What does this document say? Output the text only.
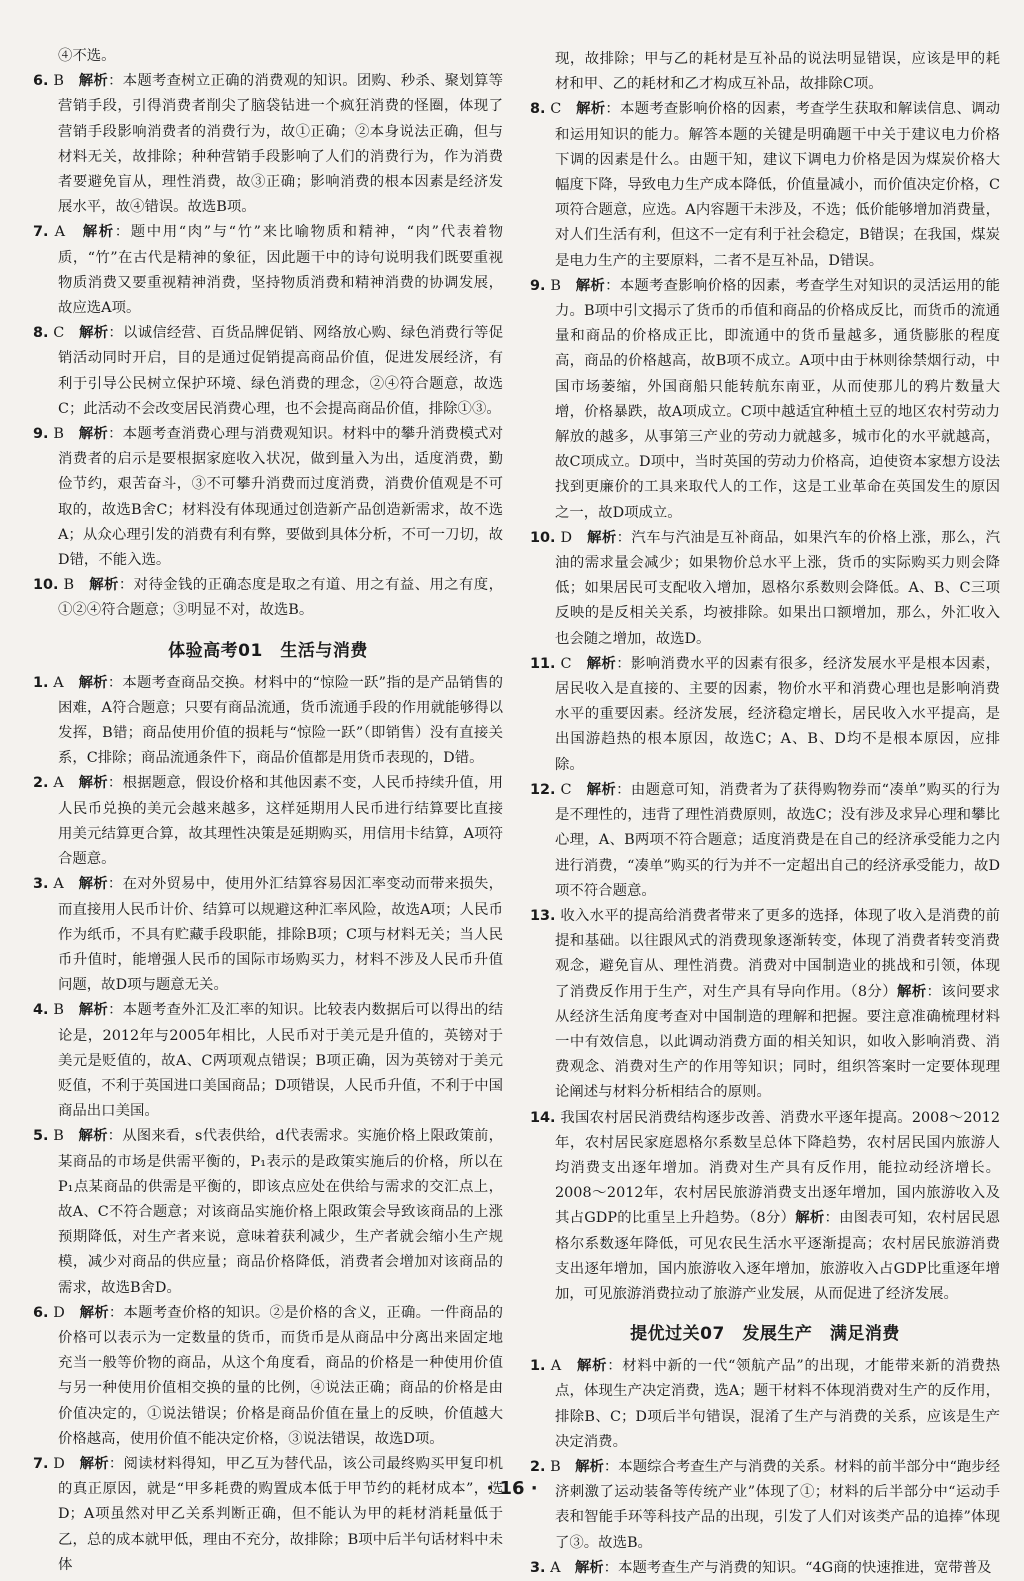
④不选。

6. B　 解析：本题考查树立正确的消费观的知识。团购、秒杀、聚划算等营销手段，引得消费者削尖了脑袋钻进一个疯狂消费的怪圈，体现了营销手段影响消费者的消费行为，故①正确；②本身说法正确，但与材料无关，故排除；种种营销手段影响了人们的消费行为，作为消费者要避免盲从，理性消费，故③正确；影响消费的根本因素是经济发展水平，故④错误。故选B项。

7. A　 解析：题中用“肉”与“竹”来比喻物质和精神，“肉”代表着物质，“竹”在古代是精神的象征，因此题干中的诗句说明我们既要重视物质消费又要重视精神消费，坚持物质消费和精神消费的协调发展，故应选A项。

8. C　 解析：以诚信经营、百货品牌促销、网络放心购、绿色消费行等促销活动同时开启，目的是通过促销提高商品价值，促进发展经济，有利于引导公民树立保护环境、绿色消费的理念，②④符合题意，故选C；此活动不会改变居民消费心理，也不会提高商品价值，排除①③。

9. B　 解析：本题考查消费心理与消费观知识。材料中的攀升消费模式对消费者的启示是要根据家庭收入状况，做到量入为出，适度消费，勤俭节约，艰苦奋斗，③不可攀升消费而过度消费，消费价值观是不可取的，故选B舍C；材料没有体现通过创造新产品创造新需求，故不选A；从众心理引发的消费有利有弊，要做到具体分析，不可一刀切，故D错，不能入选。

10. B　 解析：对待金钱的正确态度是取之有道、用之有益、用之有度，①②④符合题意；③明显不对，故选B。

体验高考01　生活与消费

1. A　 解析：本题考查商品交换。材料中的“惊险一跃”指的是产品销售的困难，A符合题意；只要有商品流通，货币流通手段的作用就能够得以发挥，B错；商品使用价值的损耗与“惊险一跃”（即销售）没有直接关系，C排除；商品流通条件下，商品价值都是用货币表现的，D错。

2. A　 解析：根据题意，假设价格和其他因素不变，人民币持续升值，用人民币兑换的美元会越来越多，这样延期用人民币进行结算要比直接用美元结算更合算，故其理性决策是延期购买，用信用卡结算，A项符合题意。

3. A　 解析：在对外贸易中，使用外汇结算容易因汇率变动而带来损失，而直接用人民币计价、结算可以规避这种汇率风险，故选A项；人民币作为纸币，不具有贮藏手段职能，排除B项；C项与材料无关；当人民币升值时，能增强人民币的国际市场购买力，材料不涉及人民币升值问题，故D项与题意无关。

4. B　 解析：本题考查外汇及汇率的知识。比较表内数据后可以得出的结论是，2012年与2005年相比，人民币对于美元是升值的，英镑对于美元是贬值的，故A、C两项观点错误；B项正确，因为英镑对于美元贬值，不利于英国进口美国商品；D项错误，人民币升值，不利于中国商品出口美国。

5. B　 解析：从图来看，s代表供给，d代表需求。实施价格上限政策前，某商品的市场是供需平衡的，P₁表示的是政策实施后的价格，所以在P₁点某商品的供需是平衡的，即该点应处在供给与需求的交汇点上，故A、C不符合题意；对该商品实施价格上限政策会导致该商品的上涨预期降低，对生产者来说，意味着获利减少，生产者就会缩小生产规模，减少对商品的供应量；商品价格降低，消费者会增加对该商品的需求，故选B舍D。

6. D　 解析：本题考查价格的知识。②是价格的含义，正确。一件商品的价格可以表示为一定数量的货币，而货币是从商品中分离出来固定地充当一般等价物的商品，从这个角度看，商品的价格是一种使用价值与另一种使用价值相交换的量的比例，④说法正确；商品的价格是由价值决定的，①说法错误；价格是商品价值在量上的反映，价值越大价格越高，使用价值不能决定价格，③说法错误，故选D项。

7. D　 解析：阅读材料得知，甲乙互为替代品，该公司最终购买甲复印机的真正原因，就是“甲多耗费的购置成本低于甲节约的耗材成本”，选D；A项虽然对甲乙关系判断正确，但不能认为甲的耗材消耗量低于乙，总的成本就甲低，理由不充分，故排除；B项中后半句话材料中未体

现，故排除；甲与乙的耗材是互补品的说法明显错误，应该是甲的耗材和甲、乙的耗材和乙才构成互补品，故排除C项。

8. C　 解析：本题考查影响价格的因素，考查学生获取和解读信息、调动和运用知识的能力。解答本题的关键是明确题干中关于建议电力价格下调的因素是什么。由题干知，建议下调电力价格是因为煤炭价格大幅度下降，导致电力生产成本降低，价值量减小，而价值决定价格，C项符合题意，应选。A内容题干未涉及，不选；低价能够增加消费量，对人们生活有利，但这不一定有利于社会稳定，B错误；在我国，煤炭是电力生产的主要原料，二者不是互补品，D错误。

9. B　 解析：本题考查影响价格的因素，考查学生对知识的灵活运用的能力。B项中引文揭示了货币的币值和商品的价格成反比，而货币的流通量和商品的价格成正比，即流通中的货币量越多，通货膨胀的程度高，商品的价格越高，故B项不成立。A项中由于林则徐禁烟行动，中国市场萎缩，外国商船只能转航东南亚，从而使那儿的鸦片数量大增，价格暴跌，故A项成立。C项中越适宜种植土豆的地区农村劳动力解放的越多，从事第三产业的劳动力就越多，城市化的水平就越高，故C项成立。D项中，当时英国的劳动力价格高，迫使资本家想方设法找到更廉价的工具来取代人的工作，这是工业革命在英国发生的原因之一，故D项成立。

10. D　 解析：汽车与汽油是互补商品，如果汽车的价格上涨，那么，汽油的需求量会减少；如果物价总水平上涨，货币的实际购买力则会降低；如果居民可支配收入增加，恩格尔系数则会降低。A、B、C三项反映的是反相关关系，均被排除。如果出口额增加，那么，外汇收入也会随之增加，故选D。

11. C　 解析：影响消费水平的因素有很多，经济发展水平是根本因素，居民收入是直接的、主要的因素，物价水平和消费心理也是影响消费水平的重要因素。经济发展，经济稳定增长，居民收入水平提高，是出国游趋热的根本原因，故选C；A、B、D均不是根本原因，应排除。

12. C　 解析：由题意可知，消费者为了获得购物券而“凑单”购买的行为是不理性的，违背了理性消费原则，故选C；没有涉及求异心理和攀比心理，A、B两项不符合题意；适度消费是在自己的经济承受能力之内进行消费，“凑单”购买的行为并不一定超出自己的经济承受能力，故D项不符合题意。

13. 收入水平的提高给消费者带来了更多的选择，体现了收入是消费的前提和基础。以往跟风式的消费现象逐渐转变，体现了消费者转变消费观念，避免盲从、理性消费。消费对中国制造业的挑战和引领，体现了消费反作用于生产，对生产具有导向作用。（8分）解析：该问要求从经济生活角度考查对中国制造的理解和把握。要注意准确梳理材料一中有效信息，以此调动消费方面的相关知识，如收入影响消费、消费观念、消费对生产的作用等知识；同时，组织答案时一定要体现理论阐述与材料分析相结合的原则。

14. 我国农村居民消费结构逐步改善、消费水平逐年提高。2008～2012年，农村居民家庭恩格尔系数呈总体下降趋势，农村居民国内旅游人均消费支出逐年增加。消费对生产具有反作用，能拉动经济增长。2008～2012年，农村居民旅游消费支出逐年增加，国内旅游收入及其占GDP的比重呈上升趋势。（8分）解析：由图表可知，农村居民恩格尔系数逐年降低，可见农民生活水平逐渐提高；农村居民旅游消费支出逐年增加，国内旅游收入逐年增加，旅游收入占GDP比重逐年增加，可见旅游消费拉动了旅游产业发展，从而促进了经济发展。

提优过关07　发展生产　满足消费

1. A　 解析：材料中新的一代“领航产品”的出现，才能带来新的消费热点，体现生产决定消费，选A；题干材料不体现消费对生产的反作用，排除B、C；D项后半句错误，混淆了生产与消费的关系，应该是生产决定消费。

2. B　 解析：本题综合考查生产与消费的关系。材料的前半部分中“跑步经济刺激了运动装备等传统产业”体现了①；材料的后半部分中“运动手表和智能手环等科技产品的出现，引发了人们对该类产品的追捧”体现了③。故选B。

3. A　 解析：本题考查生产与消费的知识。“4G商的快速推进，宽带普及

· 16 ·
